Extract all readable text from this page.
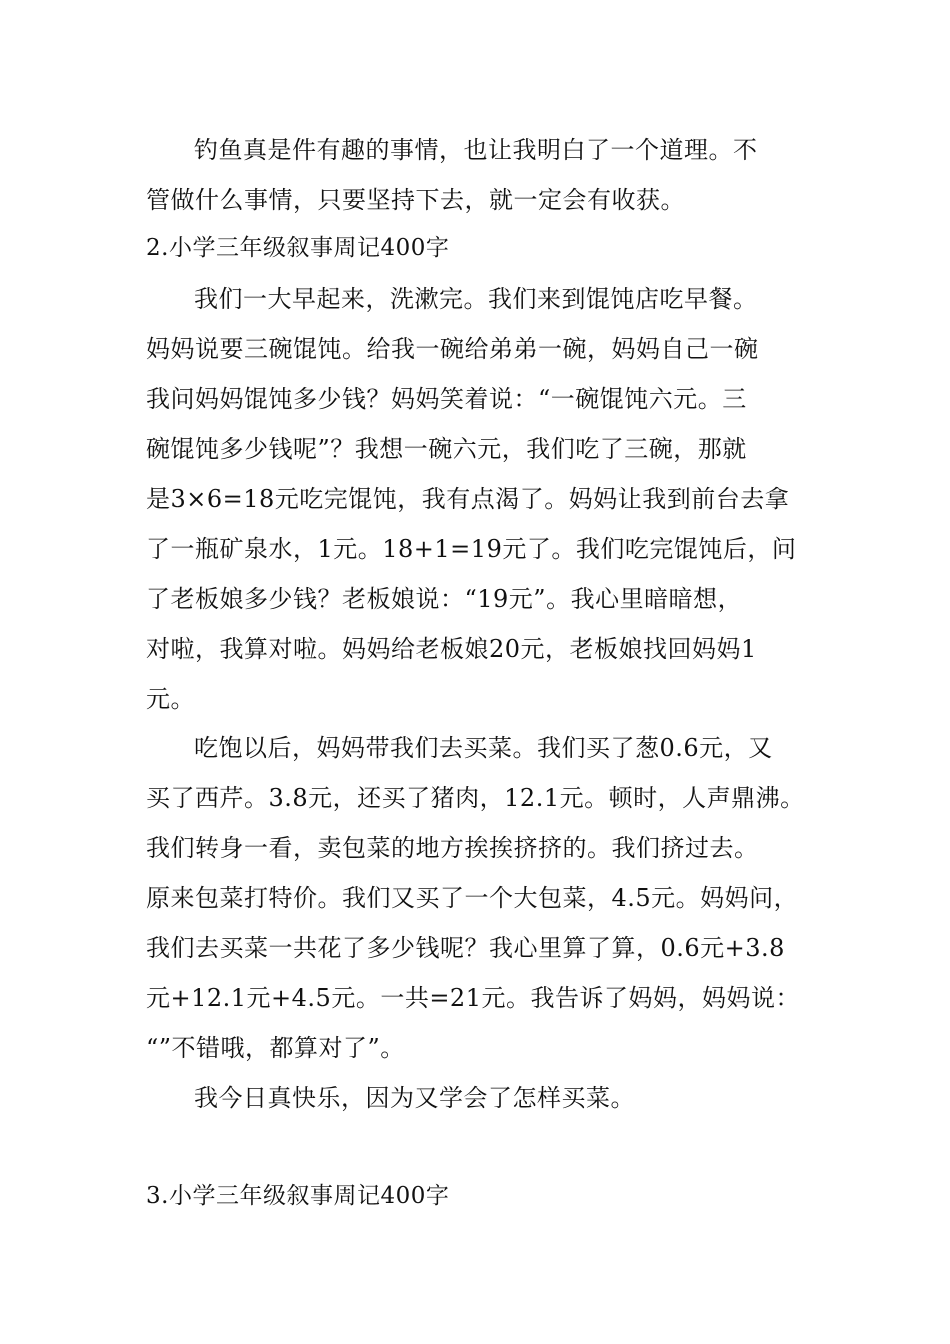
钓鱼真是件有趣的事情，也让我明白了一个道理。不
管做什么事情，只要坚持下去，就一定会有收获。
2.小学三年级叙事周记400字
我们一大早起来，洗漱完。我们来到馄饨店吃早餐。
妈妈说要三碗馄饨。给我一碗给弟弟一碗，妈妈自己一碗
我问妈妈馄饨多少钱？妈妈笑着说：“一碗馄饨六元。三
碗馄饨多少钱呢”？我想一碗六元，我们吃了三碗，那就
是3×6=18元吃完馄饨，我有点渴了。妈妈让我到前台去拿
了一瓶矿泉水，1元。18+1=19元了。我们吃完馄饨后，问
了老板娘多少钱？老板娘说：“19元”。我心里暗暗想，
对啦，我算对啦。妈妈给老板娘20元，老板娘找回妈妈1
元。
吃饱以后，妈妈带我们去买菜。我们买了葱0.6元，又
买了西芹。3.8元，还买了猪肉，12.1元。顿时，人声鼎沸。
我们转身一看，卖包菜的地方挨挨挤挤的。我们挤过去。
原来包菜打特价。我们又买了一个大包菜，4.5元。妈妈问，
我们去买菜一共花了多少钱呢？我心里算了算，0.6元+3.8
元+12.1元+4.5元。一共=21元。我告诉了妈妈，妈妈说：
“”不错哦，都算对了”。
我今日真快乐，因为又学会了怎样买菜。
3.小学三年级叙事周记400字
